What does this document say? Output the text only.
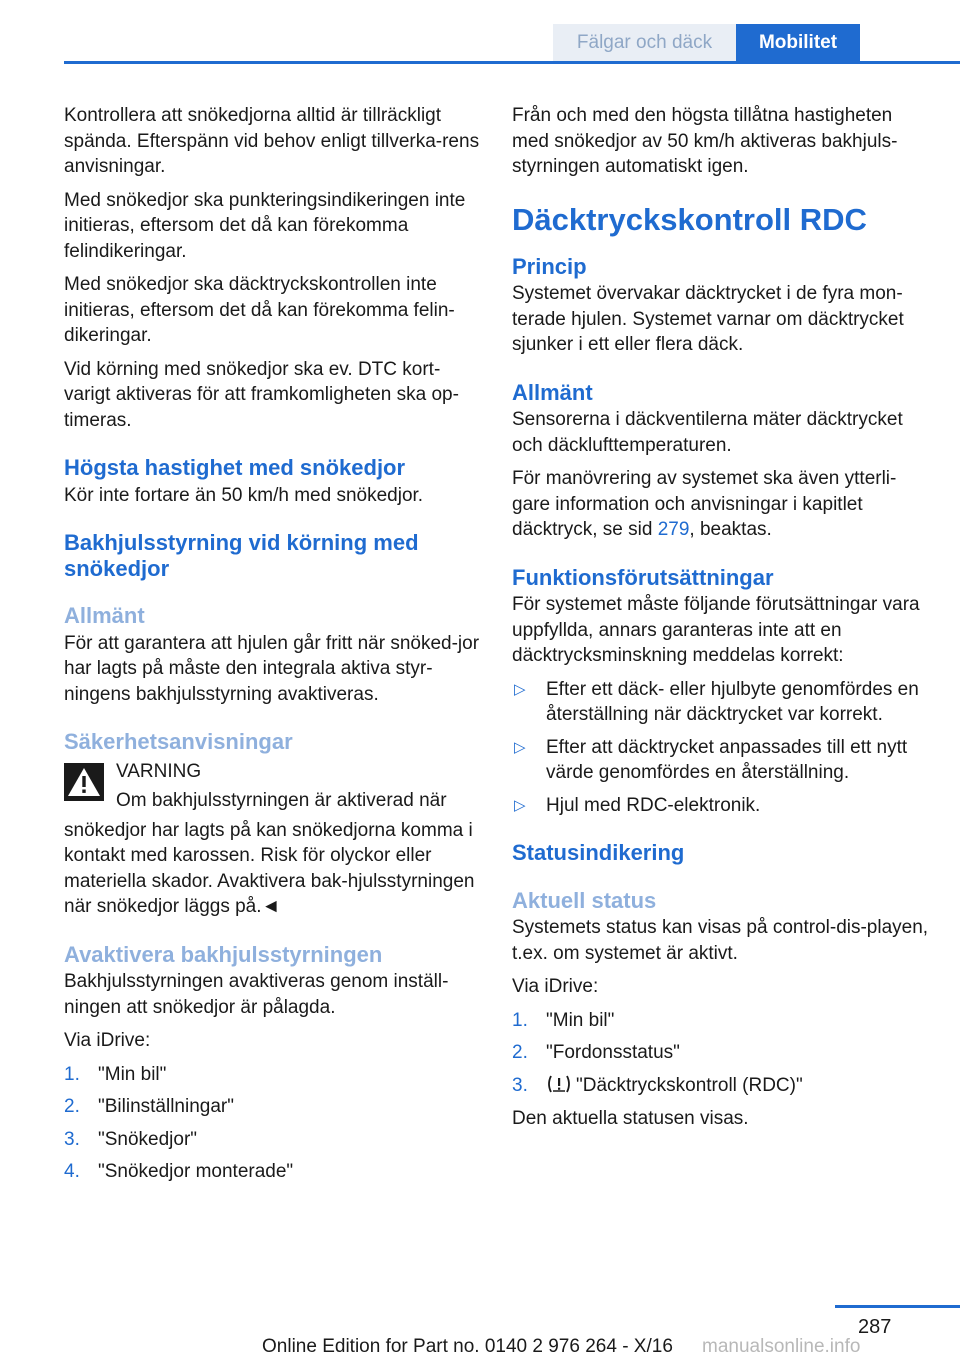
Fälgar och däck Mobilitet

Kontrollera att snökedjorna alltid är tillräckligt spända. Efterspänn vid behov enligt tillverka-rens anvisningar.

Med snökedjor ska punkteringsindikeringen inte initieras, eftersom det då kan förekomma felindikeringar.

Med snökedjor ska däcktryckskontrollen inte initieras, eftersom det då kan förekomma felin-dikeringar.

Vid körning med snökedjor ska ev. DTC kort-varigt aktiveras för att framkomligheten ska op-timeras.

Högsta hastighet med snökedjor

Kör inte fortare än 50 km/h med snökedjor.

Bakhjulsstyrning vid körning med snökedjor
Allmänt

För att garantera att hjulen går fritt när snöked-jor har lagts på måste den integrala aktiva styr-ningens bakhjulsstyrning avaktiveras.

Säkerhetsanvisningar

VARNING

Om bakhjulsstyrningen är aktiverad när

snökedjor har lagts på kan snökedjorna komma i kontakt med karossen. Risk för olyckor eller materiella skador. Avaktivera bak-hjulsstyrningen när snökedjor läggs på.◄

Avaktivera bakhjulsstyrningen

Bakhjulsstyrningen avaktiveras genom inställ-ningen att snökedjor är pålagda.

Via iDrive:

1. "Min bil"
2. "Bilinställningar"
3. "Snökedjor"
4. "Snökedjor monterade"

Från och med den högsta tillåtna hastigheten med snökedjor av 50 km/h aktiveras bakhjuls-styrningen automatiskt igen.

Däcktryckskontroll RDC
Princip

Systemet övervakar däcktrycket i de fyra mon-terade hjulen. Systemet varnar om däcktrycket sjunker i ett eller flera däck.

Allmänt

Sensorerna i däckventilerna mäter däcktrycket och däcklufttemperaturen.

För manövrering av systemet ska även ytterli-gare information och anvisningar i kapitlet däcktryck, se sid 279, beaktas.

Funktionsförutsättningar

För systemet måste följande förutsättningar vara uppfyllda, annars garanteras inte att en däcktrycksminskning meddelas korrekt:

▷ Efter ett däck- eller hjulbyte genomfördes en återställning när däcktrycket var korrekt.
▷ Efter att däcktrycket anpassades till ett nytt värde genomfördes en återställning.
▷ Hjul med RDC-elektronik.
Statusindikering
Aktuell status

Systemets status kan visas på control-dis-playen, t.ex. om systemet är aktivt.

Via iDrive:

1. "Min bil"
2. "Fordonsstatus"
3.	"Däcktryckskontroll (RDC)"

Den aktuella statusen visas.

287
Online Edition for Part no. 0140 2 976 264 - X/16 manualsonline.info
